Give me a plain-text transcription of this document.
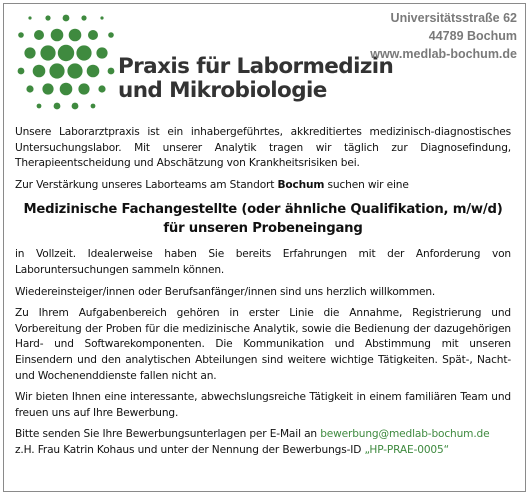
Praxis für Labormedizin
und Mikrobiologie
Universitätsstraße 62
44789 Bochum
www.medlab-bochum.de

Unsere Laborarztpraxis ist ein inhabergeführtes, akkreditiertes medizinisch-diagnostisches Untersuchungslabor. Mit unserer Analytik tragen wir täglich zur Diagnosefindung, Therapieentscheidung und Abschätzung von Krankheitsrisiken bei.

Zur Verstärkung unseres Laborteams am Standort Bochum suchen wir eine

Medizinische Fachangestellte (oder ähnliche Qualifikation, m/w/d)
für unseren Probeneingang

in Vollzeit. Idealerweise haben Sie bereits Erfahrungen mit der Anforderung von Laboruntersuchungen sammeln können.

Wiedereinsteiger/innen oder Berufsanfänger/innen sind uns herzlich willkommen.

Zu Ihrem Aufgabenbereich gehören in erster Linie die Annahme, Registrierung und Vorbereitung der Proben für die medizinische Analytik, sowie die Bedienung der dazugehörigen Hard- und Softwarekomponenten. Die Kommunikation und Abstimmung mit unseren Einsendern und den analytischen Abteilungen sind weitere wichtige Tätigkeiten. Spät-, Nacht- und Wochenenddienste fallen nicht an.

Wir bieten Ihnen eine interessante, abwechslungsreiche Tätigkeit in einem familiären Team und freuen uns auf Ihre Bewerbung.

Bitte senden Sie Ihre Bewerbungsunterlagen per E-Mail an bewerbung@medlab-bochum.de
z.H. Frau Katrin Kohaus und unter der Nennung der Bewerbungs-ID „HP-PRAE-0005“
